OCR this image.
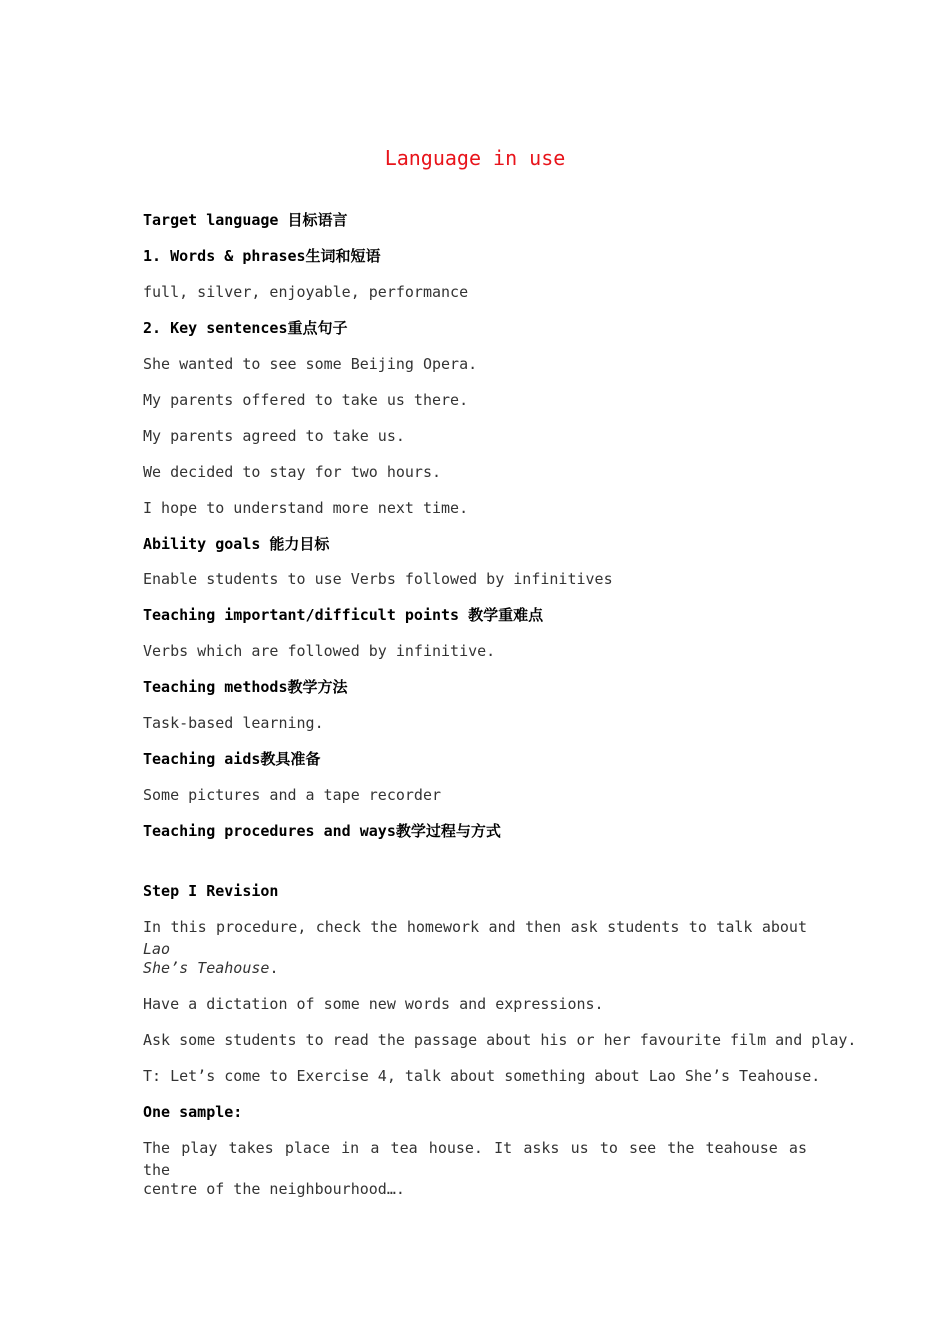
Language in use
Target language 目标语言
1. Words & phrases生词和短语
full, silver, enjoyable, performance
2. Key sentences重点句子
She wanted to see some Beijing Opera.
My parents offered to take us there.
My parents agreed to take us.
We decided to stay for two hours.
I hope to understand more next time.
Ability goals 能力目标
Enable students to use Verbs followed by infinitives
Teaching important/difficult points 教学重难点
Verbs which are followed by infinitive.
Teaching methods教学方法
Task-based learning.
Teaching aids教具准备
Some pictures and a tape recorder
Teaching procedures and ways教学过程与方式
Step I Revision
In this procedure, check the homework and then ask students to talk about Lao
She’s Teahouse.
Have a dictation of some new words and expressions.
Ask some students to read the passage about his or her favourite film and play.
T: Let’s come to Exercise 4, talk about something about Lao She’s Teahouse.
One sample:
The play takes place in a tea house. It asks us to see the teahouse as the
centre of the neighbourhood….
